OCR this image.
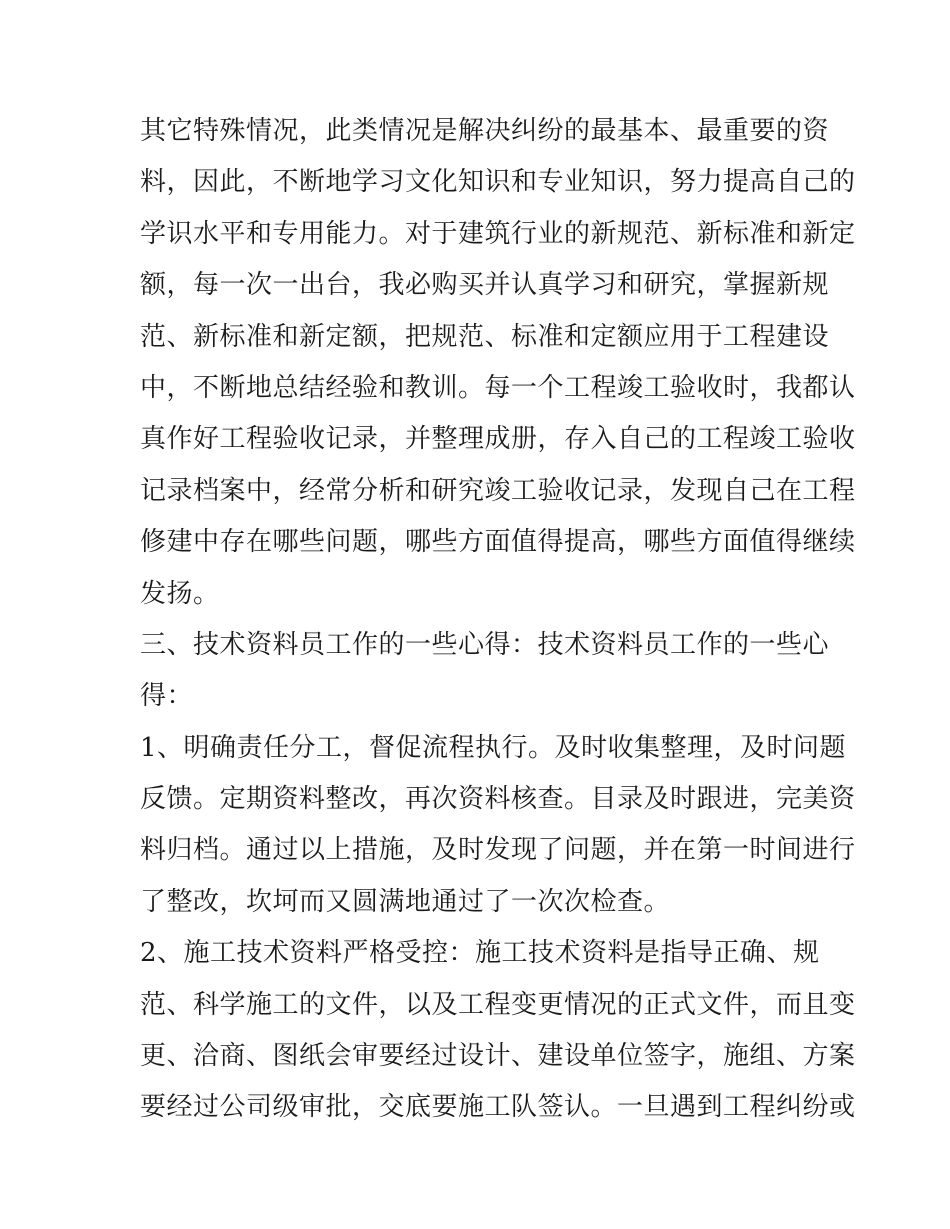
其它特殊情况，此类情况是解决纠纷的最基本、最重要的资
料，因此，不断地学习文化知识和专业知识，努力提高自己的
学识水平和专用能力。对于建筑行业的新规范、新标准和新定
额，每一次一出台，我必购买并认真学习和研究，掌握新规
范、新标准和新定额，把规范、标准和定额应用于工程建设
中，不断地总结经验和教训。每一个工程竣工验收时，我都认
真作好工程验收记录，并整理成册，存入自己的工程竣工验收
记录档案中，经常分析和研究竣工验收记录，发现自己在工程
修建中存在哪些问题，哪些方面值得提高，哪些方面值得继续
发扬。
三、技术资料员工作的一些心得：技术资料员工作的一些心
得：
1、明确责任分工，督促流程执行。及时收集整理，及时问题
反馈。定期资料整改，再次资料核查。目录及时跟进，完美资
料归档。通过以上措施，及时发现了问题，并在第一时间进行
了整改，坎坷而又圆满地通过了一次次检查。
2、施工技术资料严格受控：施工技术资料是指导正确、规
范、科学施工的文件，以及工程变更情况的正式文件，而且变
更、洽商、图纸会审要经过设计、建设单位签字，施组、方案
要经过公司级审批，交底要施工队签认。一旦遇到工程纠纷或
